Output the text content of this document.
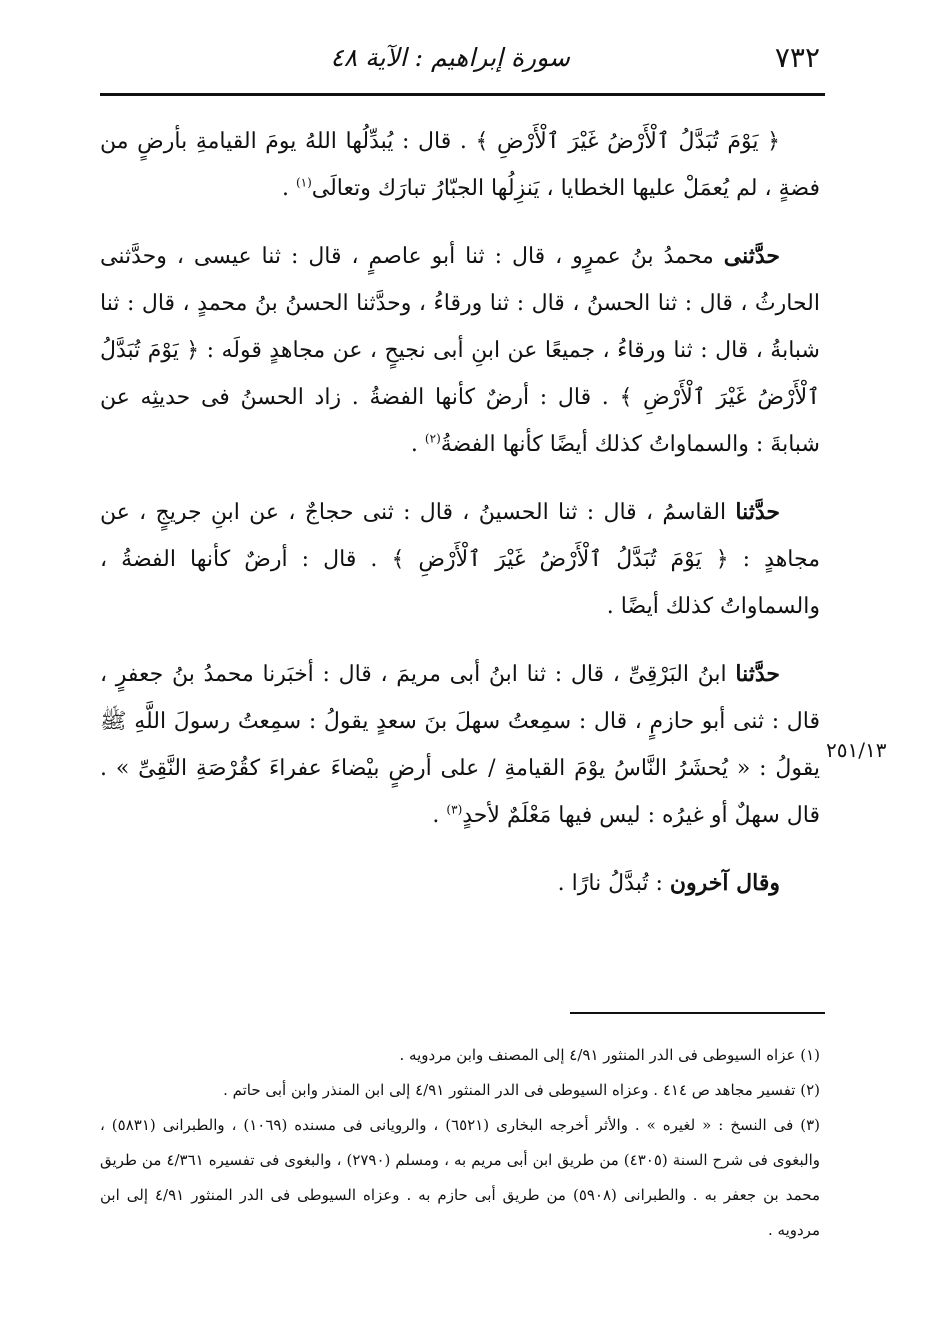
٧٣٢
سورة إبراهيم : الآية ٤٨

﴿ يَوْمَ تُبَدَّلُ ٱلْأَرْضُ غَيْرَ ٱلْأَرْضِ ﴾ . قال : يُبدِّلُها اللهُ يومَ القيامةِ بأرضٍ من فضةٍ ، لم يُعمَلْ عليها الخطايا ، يَنزِلُها الجبّارُ تبارَك وتعالَى$^{(١)}$ .

حدَّثنى محمدُ بنُ عمرٍو ، قال : ثنا أبو عاصمٍ ، قال : ثنا عيسى ، وحدَّثنى الحارثُ ، قال : ثنا الحسنُ ، قال : ثنا ورقاءُ ، وحدَّثنا الحسنُ بنُ محمدٍ ، قال : ثنا شبابةُ ، قال : ثنا ورقاءُ ، جميعًا عن ابنِ أبى نجيحٍ ، عن مجاهدٍ قولَه : ﴿ يَوْمَ تُبَدَّلُ ٱلْأَرْضُ غَيْرَ ٱلْأَرْضِ ﴾ . قال : أرضٌ كأنها الفضةُ . زاد الحسنُ فى حديثِه عن شبابةَ : والسماواتُ كذلك أيضًا كأنها الفضةُ$^{(٢)}$ .

حدَّثنا القاسمُ ، قال : ثنا الحسينُ ، قال : ثنى حجاجٌ ، عن ابنِ جريجٍ ، عن مجاهدٍ : ﴿ يَوْمَ تُبَدَّلُ ٱلْأَرْضُ غَيْرَ ٱلْأَرْضِ ﴾ . قال : أرضٌ كأنها الفضةُ ، والسماواتُ كذلك أيضًا .

حدَّثنا ابنُ البَرْقِىِّ ، قال : ثنا ابنُ أبى مريمَ ، قال : أخبَرنا محمدُ بنُ جعفرٍ ، قال : ثنى أبو حازمٍ ، قال : سمِعتُ سهلَ بنَ سعدٍ يقولُ : سمِعتُ رسولَ اللَّهِ ﷺ يقولُ : « يُحشَرُ النَّاسُ يوْمَ القيامةِ / على أرضٍ بيْضاءَ عفراءَ كقُرْصَةِ النَّقِىِّ » . قال سهلٌ أو غيرُه : ليس فيها مَعْلَمٌ لأحدٍ$^{(٣)}$ .

وقال آخرون : تُبدَّلُ نارًا .

٢٥١/١٣

(١) عزاه السيوطى فى الدر المنثور ٤/٩١ إلى المصنف وابن مردويه .

(٢) تفسير مجاهد ص ٤١٤ . وعزاه السيوطى فى الدر المنثور ٤/٩١ إلى ابن المنذر وابن أبى حاتم .

(٣) فى النسخ : « لغيره » . والأثر أخرجه البخارى (٦٥٢١) ، والرويانى فى مسنده (١٠٦٩) ، والطبرانى (٥٨٣١) ، والبغوى فى شرح السنة (٤٣٠٥) من طريق ابن أبى مريم به ، ومسلم (٢٧٩٠) ، والبغوى فى تفسيره ٤/٣٦١ من طريق محمد بن جعفر به . والطبرانى (٥٩٠٨) من طريق أبى حازم به . وعزاه السيوطى فى الدر المنثور ٤/٩١ إلى ابن مردويه .
